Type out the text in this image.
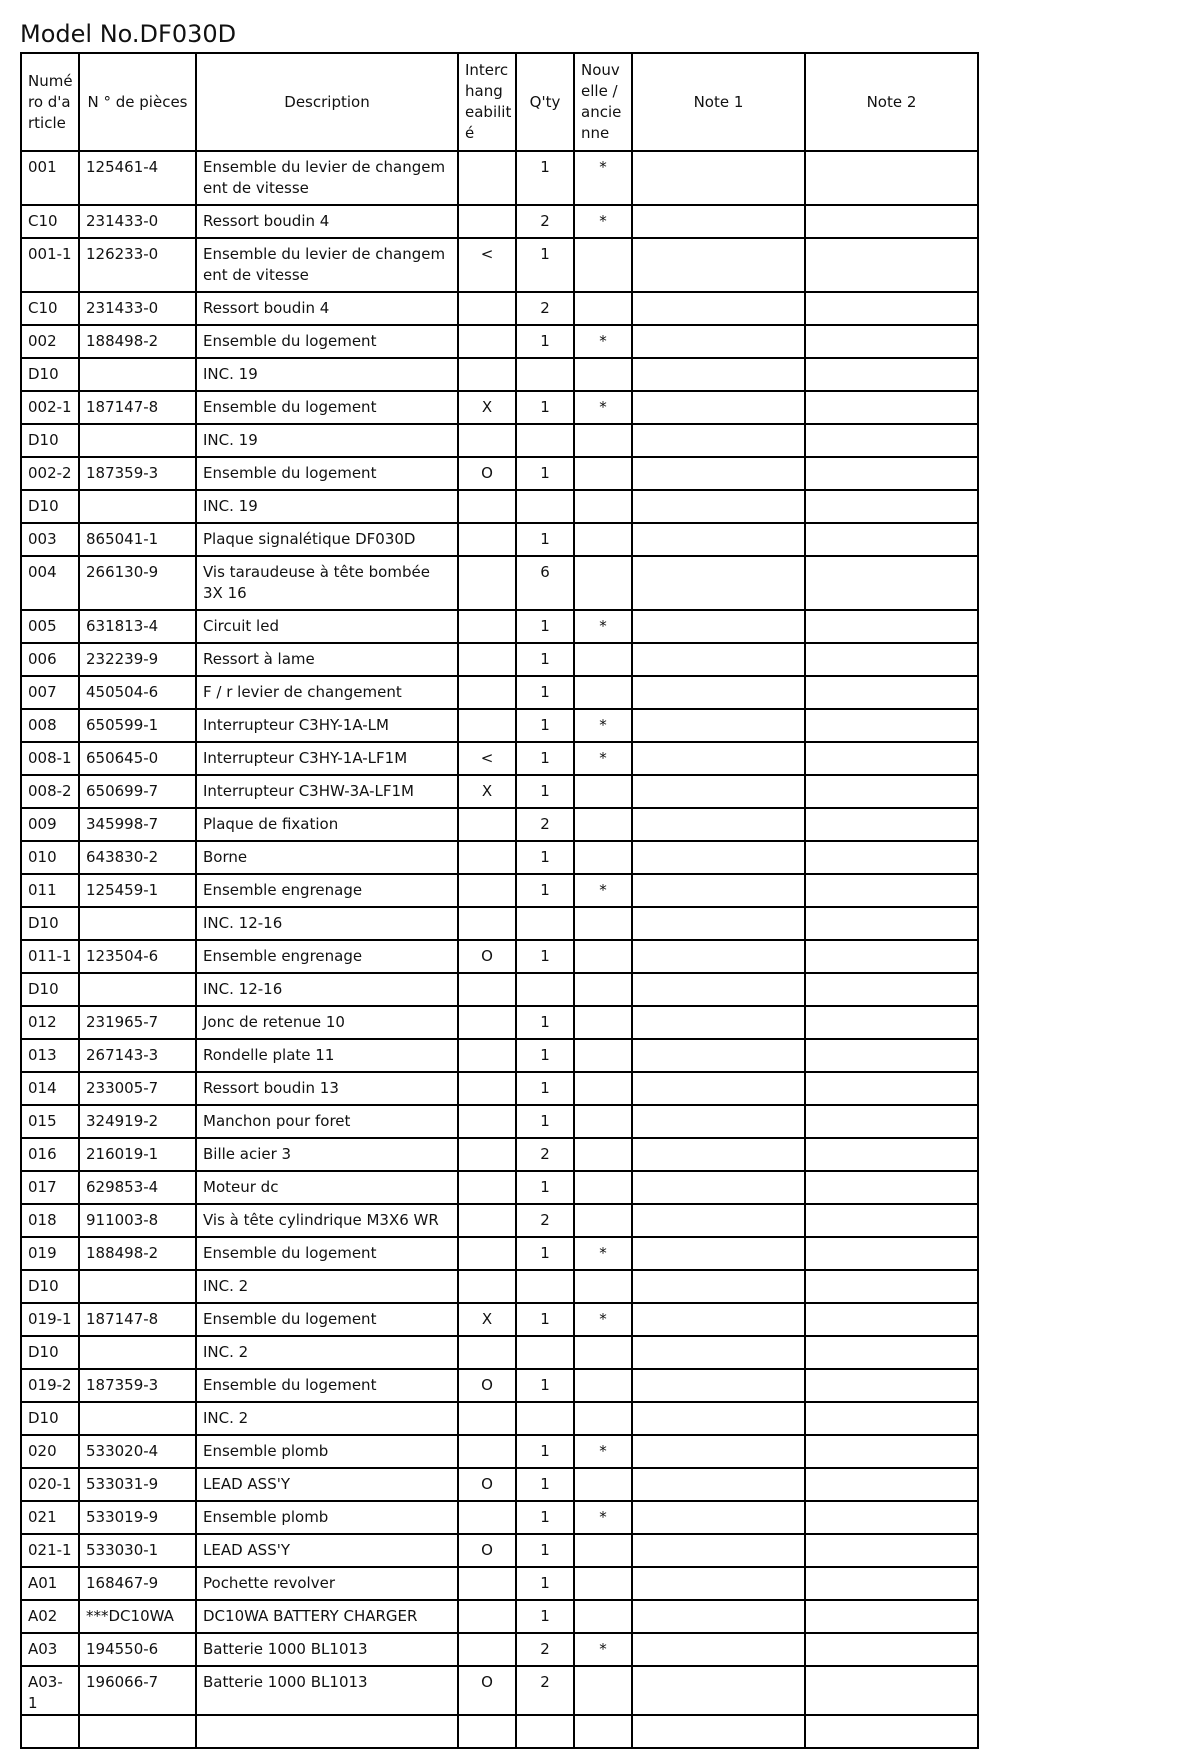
Model No.DF030D
Numé ro d'a rticle	N ° de pièces	Description	Interc hang eabilit é	Q'ty	Nouv elle / ancie nne	Note 1	Note 2
001	125461-4	Ensemble du levier de changem ent de vitesse		1	*		
C10	231433-0	Ressort boudin 4		2	*		
001-1	126233-0	Ensemble du levier de changem ent de vitesse	<	1			
C10	231433-0	Ressort boudin 4		2			
002	188498-2	Ensemble du logement		1	*		
D10		INC. 19					
002-1	187147-8	Ensemble du logement	X	1	*		
D10		INC. 19					
002-2	187359-3	Ensemble du logement	O	1			
D10		INC. 19					
003	865041-1	Plaque signalétique DF030D		1			
004	266130-9	Vis taraudeuse à tête bombée 3X 16		6			
005	631813-4	Circuit led		1	*		
006	232239-9	Ressort à lame		1			
007	450504-6	F / r levier de changement		1			
008	650599-1	Interrupteur C3HY-1A-LM		1	*		
008-1	650645-0	Interrupteur C3HY-1A-LF1M	<	1	*		
008-2	650699-7	Interrupteur C3HW-3A-LF1M	X	1			
009	345998-7	Plaque de fixation		2			
010	643830-2	Borne		1			
011	125459-1	Ensemble engrenage		1	*		
D10		INC. 12-16					
011-1	123504-6	Ensemble engrenage	O	1			
D10		INC. 12-16					
012	231965-7	Jonc de retenue 10		1			
013	267143-3	Rondelle plate 11		1			
014	233005-7	Ressort boudin 13		1			
015	324919-2	Manchon pour foret		1			
016	216019-1	Bille acier 3		2			
017	629853-4	Moteur dc		1			
018	911003-8	Vis à tête cylindrique M3X6 WR		2			
019	188498-2	Ensemble du logement		1	*		
D10		INC. 2					
019-1	187147-8	Ensemble du logement	X	1	*		
D10		INC. 2					
019-2	187359-3	Ensemble du logement	O	1			
D10		INC. 2					
020	533020-4	Ensemble plomb		1	*		
020-1	533031-9	LEAD ASS'Y	O	1			
021	533019-9	Ensemble plomb		1	*		
021-1	533030-1	LEAD ASS'Y	O	1			
A01	168467-9	Pochette revolver		1			
A02	***DC10WA	DC10WA BATTERY CHARGER		1			
A03	194550-6	Batterie 1000 BL1013		2	*		
A03-1	196066-7	Batterie 1000 BL1013	O	2			
